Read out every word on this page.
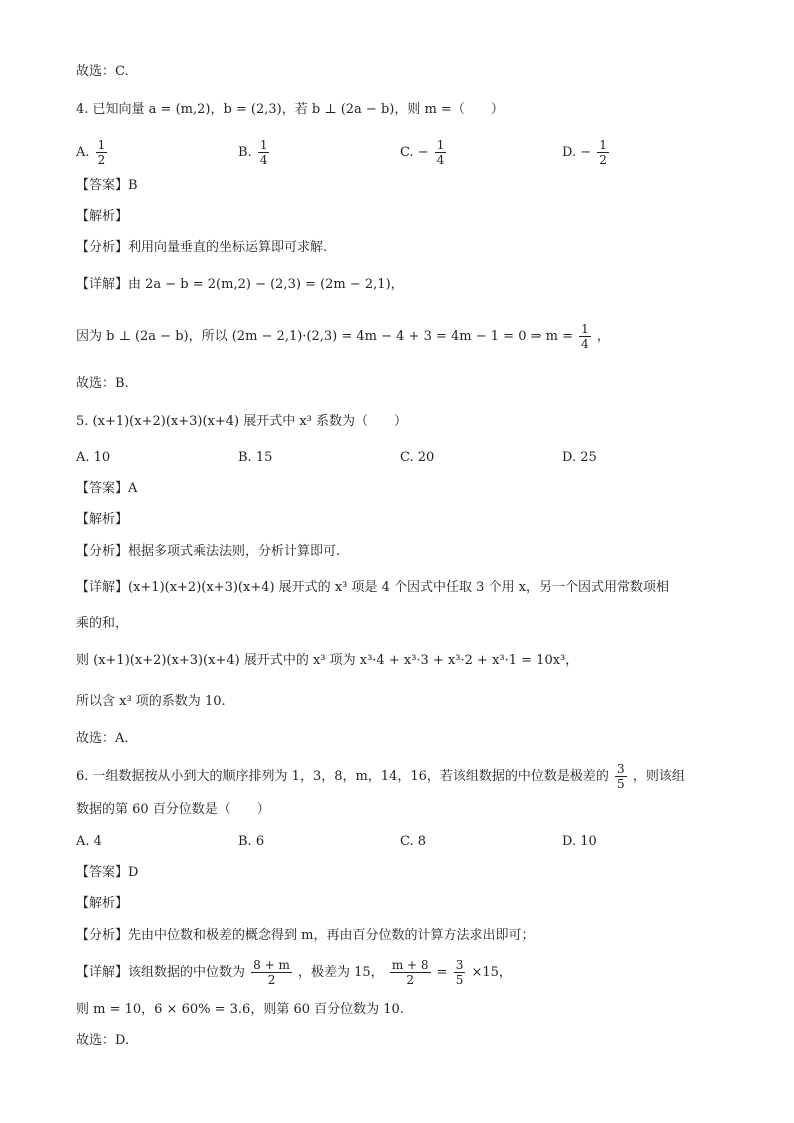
故选：C.
4. 已知向量 a = (m,2)，b = (2,3)，若 b ⊥ (2a − b)，则 m =（　　）
A. $\frac{1}{2}$	B. $\frac{1}{4}$	C. − $\frac{1}{4}$	D. − $\frac{1}{2}$
【答案】B
【解析】
【分析】利用向量垂直的坐标运算即可求解.
【详解】由 2a − b = 2(m,2) − (2,3) = (2m − 2,1)，
因为 b ⊥ (2a − b)，所以 (2m − 2,1)·(2,3) = 4m − 4 + 3 = 4m − 1 = 0 ⇒ $m = \frac{1}{4}$ ，
故选：B.
5. (x+1)(x+2)(x+3)(x+4) 展开式中 x³ 系数为（　　）
A. 10	B. 15	C. 20	D. 25
【答案】A
【解析】
【分析】根据多项式乘法法则，分析计算即可.
【详解】(x+1)(x+2)(x+3)(x+4) 展开式的 x³ 项是 4 个因式中任取 3 个用 x，另一个因式用常数项相
乘的和，
则 (x+1)(x+2)(x+3)(x+4) 展开式中的 x³ 项为 x³·4 + x³·3 + x³·2 + x³·1 = 10x³，
所以含 x³ 项的系数为 10.
故选：A.
6. 一组数据按从小到大的顺序排列为 1，3，8，m，14，16，若该组数据的中位数是极差的 $\frac{3}{5}$ ，则该组
数据的第 60 百分位数是（　　）
A. 4	B. 6	C. 8	D. 10
【答案】D
【解析】
【分析】先由中位数和极差的概念得到 m，再由百分位数的计算方法求出即可；
【详解】该组数据的中位数为 $\frac{8 + m}{2}$ ，极差为 15， $\frac{m + 8}{2} = \frac{3}{5} \times 15$，
则 m = 10，6 × 60% = 3.6，则第 60 百分位数为 10.
故选：D.
